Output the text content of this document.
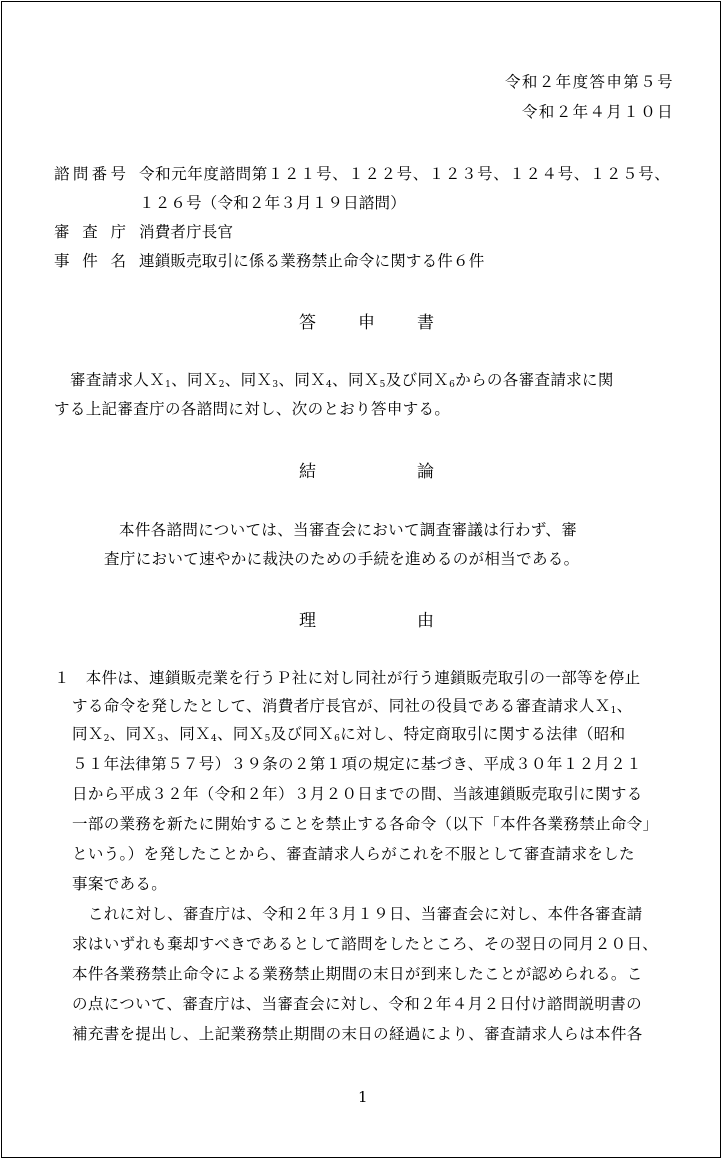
令和２年度答申第５号
令和２年４月１０日
諮問番号 令和元年度諮問第１２１号、１２２号、１２３号、１２４号、１２５号、
１２６号（令和２年３月１９日諮問）
審査庁 消費者庁長官
事件名 連鎖販売取引に係る業務禁止命令に関する件６件
答 申 書
審査請求人Ｘ$_1$、同Ｘ$_2$、同Ｘ$_3$、同Ｘ$_4$、同Ｘ$_5$及び同Ｘ$_6$からの各審査請求に関
する上記審査庁の各諮問に対し、次のとおり答申する。
結	論
本件各諮問については、当審査会において調査審議は行わず、審
査庁において速やかに裁決のための手続を進めるのが相当である。
理	由
１　本件は、連鎖販売業を行うＰ社に対し同社が行う連鎖販売取引の一部等を停止
する命令を発したとして、消費者庁長官が、同社の役員である審査請求人Ｘ$_1$、
同Ｘ$_2$、同Ｘ$_3$、同Ｘ$_4$、同Ｘ$_5$及び同Ｘ$_6$に対し、特定商取引に関する法律（昭和
５１年法律第５７号）３９条の２第１項の規定に基づき、平成３０年１２月２１
日から平成３２年（令和２年）３月２０日までの間、当該連鎖販売取引に関する
一部の業務を新たに開始することを禁止する各命令（以下「本件各業務禁止命令」
という。）を発したことから、審査請求人らがこれを不服として審査請求をした
事案である。
　これに対し、審査庁は、令和２年３月１９日、当審査会に対し、本件各審査請
求はいずれも棄却すべきであるとして諮問をしたところ、その翌日の同月２０日、
本件各業務禁止命令による業務禁止期間の末日が到来したことが認められる。こ
の点について、審査庁は、当審査会に対し、令和２年４月２日付け諮問説明書の
補充書を提出し、上記業務禁止期間の末日の経過により、審査請求人らは本件各
1
